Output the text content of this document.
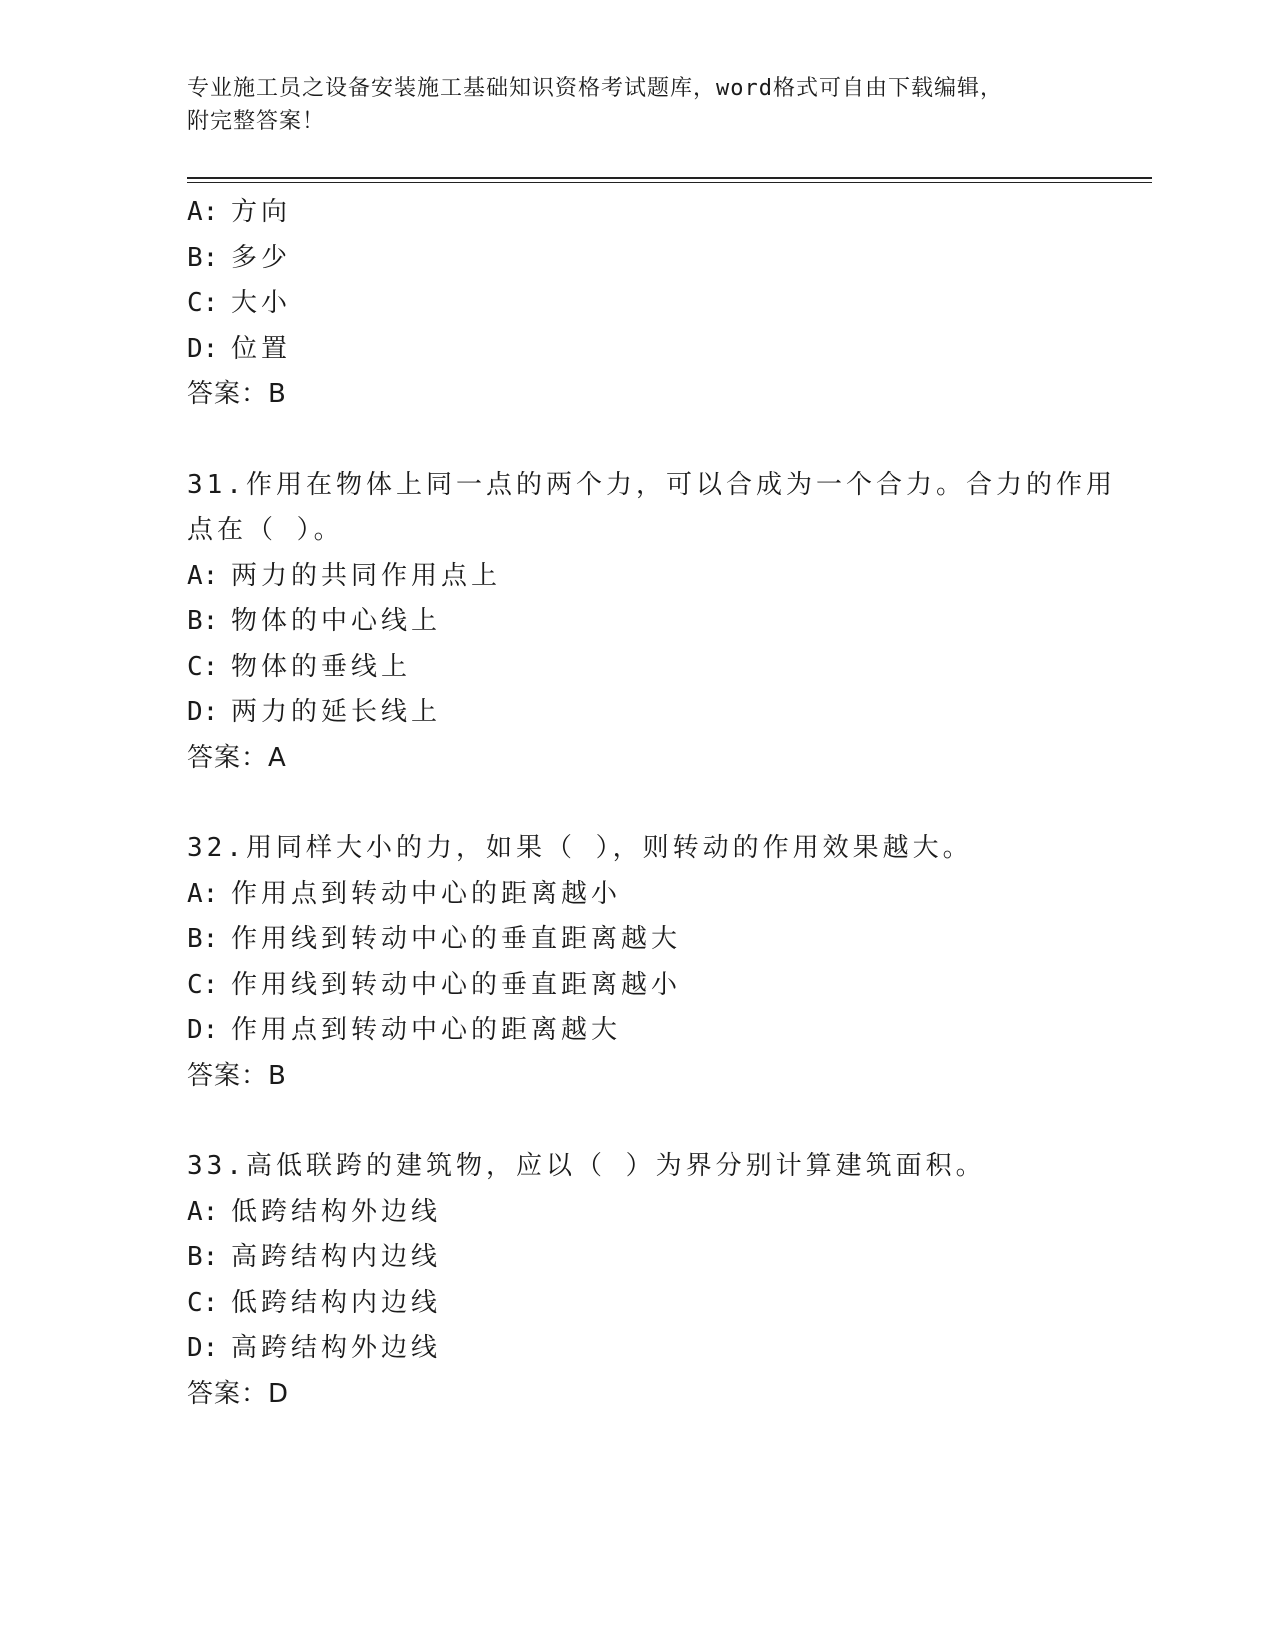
专业施工员之设备安装施工基础知识资格考试题库，word格式可自由下载编辑，
附完整答案！
A: 方向
B: 多少
C: 大小
D: 位置
答案：B
31.作用在物体上同一点的两个力，可以合成为一个合力。合力的作用
点在（ ）。
A: 两力的共同作用点上
B: 物体的中心线上
C: 物体的垂线上
D: 两力的延长线上
答案：A
32.用同样大小的力，如果（ ），则转动的作用效果越大。
A: 作用点到转动中心的距离越小
B: 作用线到转动中心的垂直距离越大
C: 作用线到转动中心的垂直距离越小
D: 作用点到转动中心的距离越大
答案：B
33.高低联跨的建筑物，应以（ ）为界分别计算建筑面积。
A: 低跨结构外边线
B: 高跨结构内边线
C: 低跨结构内边线
D: 高跨结构外边线
答案：D
